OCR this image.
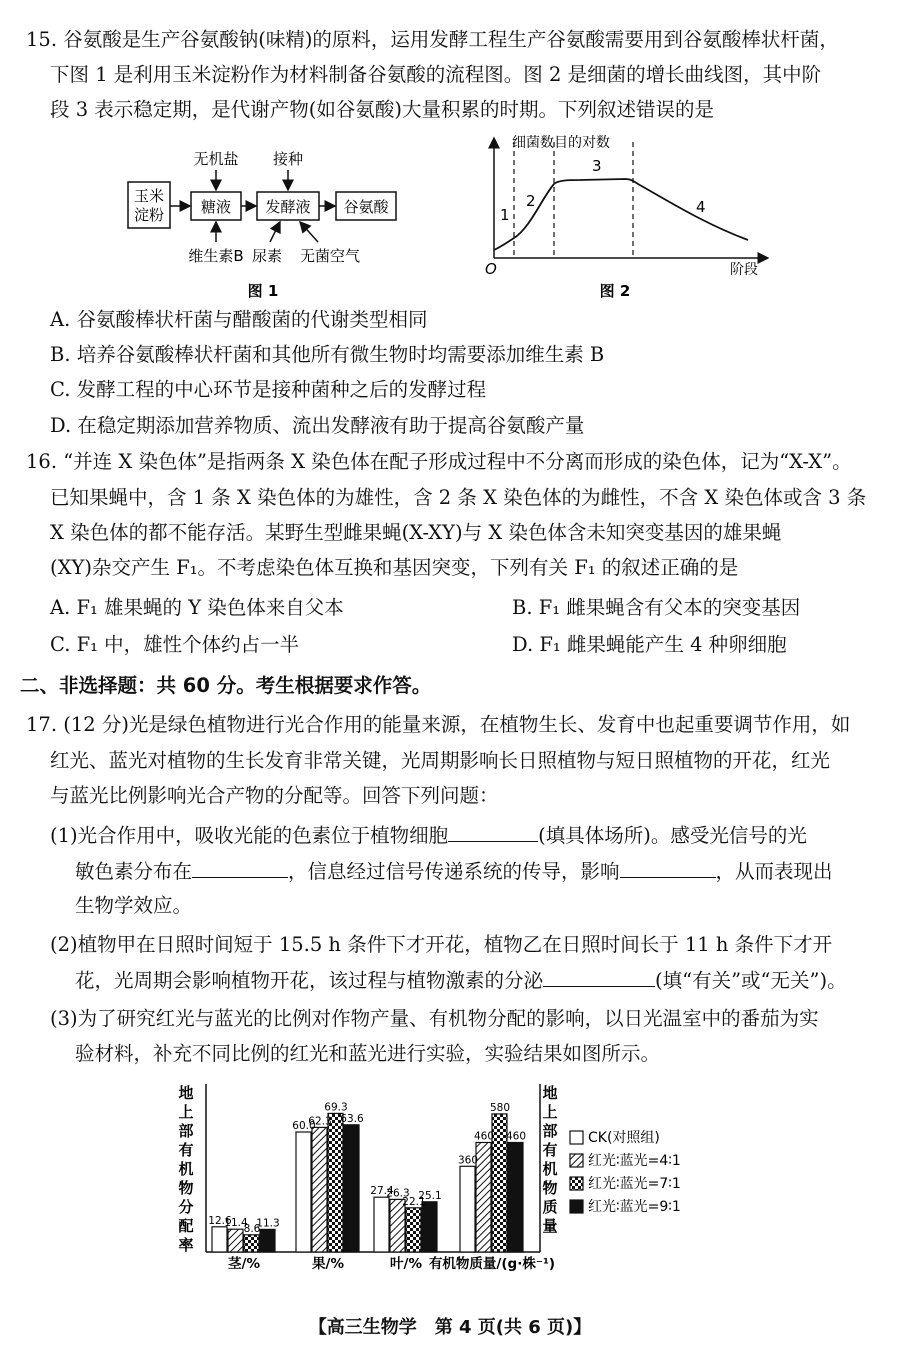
15. 谷氨酸是生产谷氨酸钠(味精)的原料，运用发酵工程生产谷氨酸需要用到谷氨酸棒状杆菌，
下图 1 是利用玉米淀粉作为材料制备谷氨酸的流程图。图 2 是细菌的增长曲线图，其中阶
段 3 表示稳定期，是代谢产物(如谷氨酸)大量积累的时期。下列叙述错误的是
玉米
淀粉 糖液 发酵液 谷氨酸
无机盐 接种
维生素B 尿素 无菌空气
图 1
细菌数目的对数
阶段
O
1
2
3
4
图 2
A. 谷氨酸棒状杆菌与醋酸菌的代谢类型相同
B. 培养谷氨酸棒状杆菌和其他所有微生物时均需要添加维生素 B
C. 发酵工程的中心环节是接种菌种之后的发酵过程
D. 在稳定期添加营养物质、流出发酵液有助于提高谷氨酸产量
16. “并连 X 染色体”是指两条 X 染色体在配子形成过程中不分离而形成的染色体，记为“X-X”。
已知果蝇中，含 1 条 X 染色体的为雄性，含 2 条 X 染色体的为雌性，不含 X 染色体或含 3 条
X 染色体的都不能存活。某野生型雌果蝇(X-XY)与 X 染色体含未知突变基因的雄果蝇
(XY)杂交产生 F₁。不考虑染色体互换和基因突变，下列有关 F₁ 的叙述正确的是
A. F₁ 雄果蝇的 Y 染色体来自父本	B. F₁ 雌果蝇含有父本的突变基因
C. F₁ 中，雄性个体约占一半	D. F₁ 雌果蝇能产生 4 种卵细胞
二、非选择题：共 60 分。考生根据要求作答。
17. (12 分)光是绿色植物进行光合作用的能量来源，在植物生长、发育中也起重要调节作用，如
红光、蓝光对植物的生长发育非常关键，光周期影响长日照植物与短日照植物的开花，红光
与蓝光比例影响光合产物的分配等。回答下列问题：
(1)光合作用中，吸收光能的色素位于植物细胞	(填具体场所)。感受光信号的光
敏色素分布在	，信息经过信号传递系统的传导，影响	，从而表现出
生物学效应。
(2)植物甲在日照时间短于 15.5 h 条件下才开花，植物乙在日照时间长于 11 h 条件下才开
花，光周期会影响植物开花，该过程与植物激素的分泌	(填“有关”或“无关”)。
(3)为了研究红光与蓝光的比例对作物产量、有机物分配的影响，以日光温室中的番茄为实
验材料，补充不同比例的红光和蓝光进行实验，实验结果如图所示。
地
上
部
有
机
物
分
配
率
地
上
部
有
机
物
质
量
12.6
11.4
8.6
11.3
60.0
62.3
69.3
63.6
27.4
26.3
22.1
25.1
360
460
580
460
茎/%	果/%	叶/% 有机物质量/(g·株⁻¹)
CK(对照组)
红光∶蓝光=4∶1
红光∶蓝光=7∶1
红光∶蓝光=9∶1
【高三生物学　第 4 页(共 6 页)】
